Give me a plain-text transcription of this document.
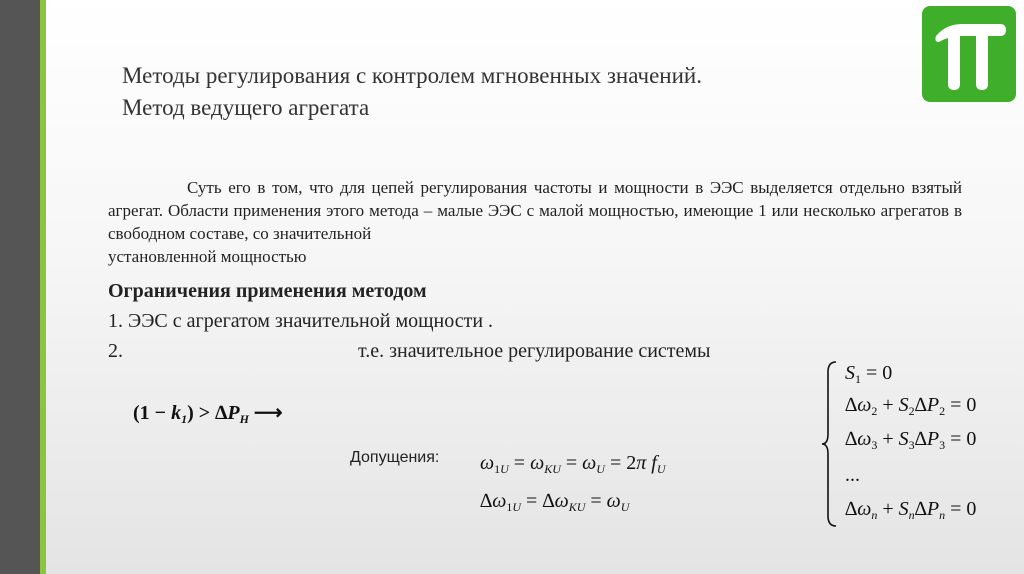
Методы регулирования с контролем мгновенных значений.
Метод ведущего агрегата
Суть его в том, что для цепей регулирования частоты и мощности в ЭЭС выделяется отдельно взятый агрегат. Области применения этого метода – малые ЭЭС с малой мощностью, имеющие 1 или несколько агрегатов в свободном составе, со значительной
установленной мощностью
Ограничения применения методом
1. ЭЭС с агрегатом значительной мощности .
2.	т.е. значительное регулирование системы
$(1 - k_1) > \Delta P_H$ ⟶
Допущения: $\omega_{1U} = \omega_{KU} = \omega_U = 2\pi$ $f_U$
$\Delta\omega_{1U} = \Delta\omega_{KU} = \omega_U$
$S_1 = 0$
$\Delta\omega_2 + S_2\Delta P_2 = 0$
$\Delta\omega_3 + S_3\Delta P_3 = 0$
...
$\Delta\omega_n + S_n\Delta P_n = 0$
